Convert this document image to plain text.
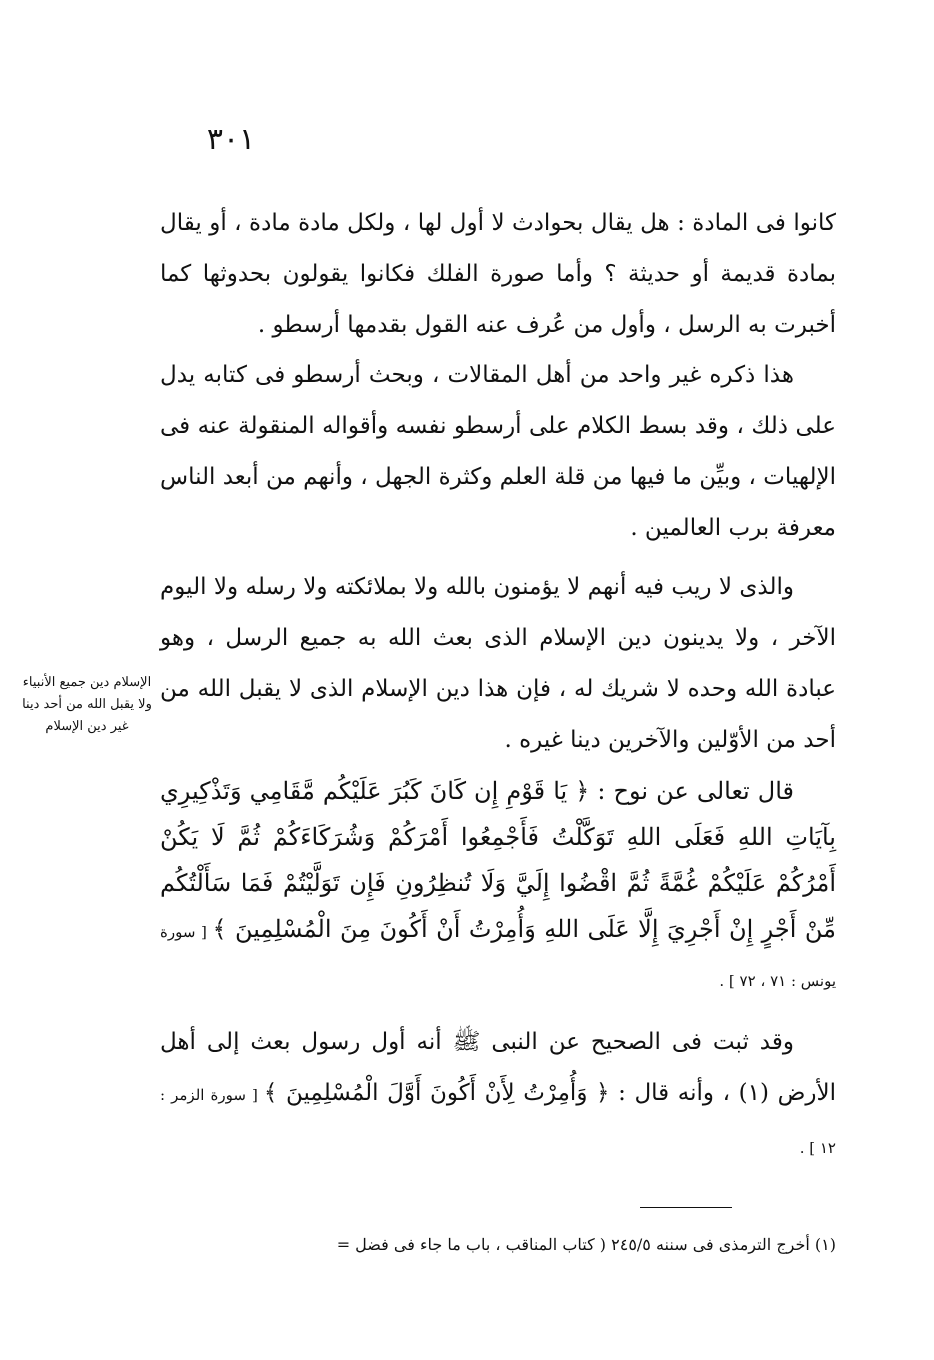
٣٠١

كانوا فى المادة : هل يقال بحوادث لا أول لها ، ولكل مادة مادة ، أو يقال بمادة قديمة أو حديثة ؟ وأما صورة الفلك فكانوا يقولون بحدوثها كما أخبرت به الرسل ، وأول من عُرف عنه القول بقدمها أرسطو .

هذا ذكره غير واحد من أهل المقالات ، وبحث أرسطو فى كتابه يدل على ذلك ، وقد بسط الكلام على أرسطو نفسه وأقواله المنقولة عنه فى الإلهيات ، وبيِّن ما فيها من قلة العلم وكثرة الجهل ، وأنهم من أبعد الناس معرفة برب العالمين .

والذى لا ريب فيه أنهم لا يؤمنون بالله ولا بملائكته ولا رسله ولا اليوم الآخر ، ولا يدينون دين الإسلام الذى بعث الله به جميع الرسل ، وهو عبادة الله وحده لا شريك له ، فإن هذا دين الإسلام الذى لا يقبل الله من أحد من الأوّلين والآخرين دينا غيره .

الإسلام دين جميع الأنبياء ولا يقبل الله من أحد دينا غير دين الإسلام

قال تعالى عن نوح : ﴿ يَا قَوْمِ إِن كَانَ كَبُرَ عَلَيْكُم مَّقَامِي وَتَذْكِيرِي بِآيَاتِ اللهِ فَعَلَى اللهِ تَوَكَّلْتُ فَأَجْمِعُوا أَمْرَكُمْ وَشُرَكَاءَكُمْ ثُمَّ لَا يَكُنْ أَمْرُكُمْ عَلَيْكُمْ غُمَّةً ثُمَّ اقْضُوا إِلَيَّ وَلَا تُنظِرُونِ فَإِن تَوَلَّيْتُمْ فَمَا سَأَلْتُكُم مِّنْ أَجْرٍ إِنْ أَجْرِيَ إِلَّا عَلَى اللهِ وَأُمِرْتُ أَنْ أَكُونَ مِنَ الْمُسْلِمِينَ ﴾ [ سورة يونس : ٧١ ، ٧٢ ] .

وقد ثبت فى الصحيح عن النبى ﷺ أنه أول رسول بعث إلى أهل الأرض (١) ، وأنه قال : ﴿ وَأُمِرْتُ لِأَنْ أَكُونَ أَوَّلَ الْمُسْلِمِينَ ﴾ [ سورة الزمر : ١٢ ] .

(١) أخرج الترمذى فى سننه ٢٤٥/٥ ( كتاب المناقب ، باب ما جاء فى فضل =
